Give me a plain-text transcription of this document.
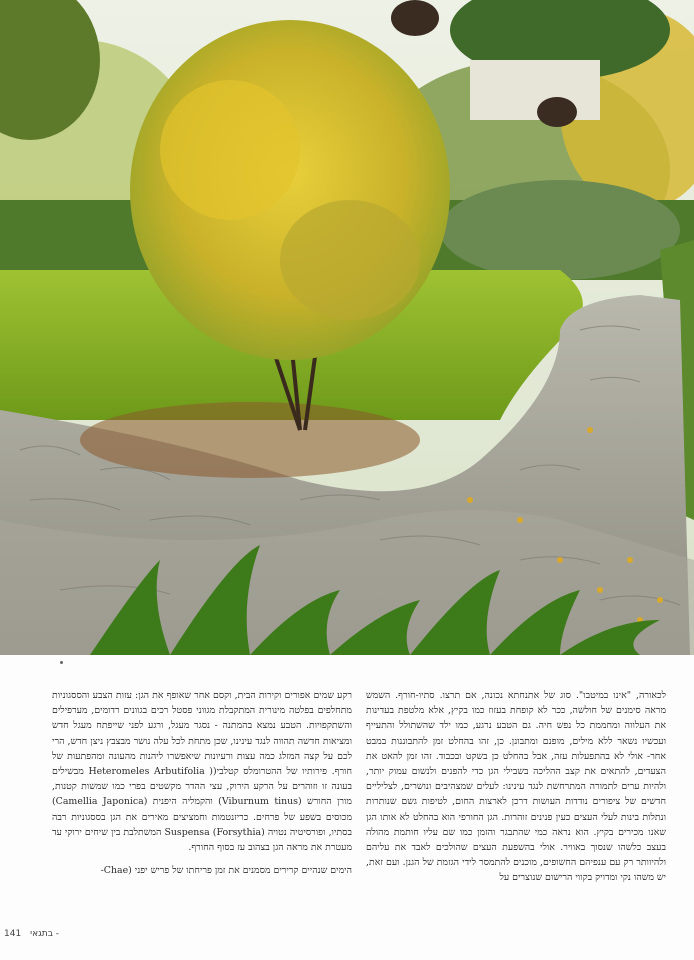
לכאורה, "אינו במיטבו". סוג של אתנחתא נכונה, אם תרצו. סתיו-חורף. השמש מראה סימנים של חולשה, ככר לא קופחת בעזוז כמו בקיץ, אלא מלטפת בעדינות את העלווה ומחממת כל נפש חיה. גם הטבע נרגע, כמו ילד שהשתולל והתעייף ועכשיו נשאר ללא מילים, מופנם ומתבונן. כן, זהו בהחלט זמן להתבוננות במבט אחר- אולי לא בהתפעלות עזה, אבל בהחלט כן בשקט ובכבוד. זהו זמן להאט את הצעדים, להתאים את קצב ההליכה בשבילי הגן כדי להפנים ולנשום עמוק יותר, ולהיות ערים לתמורה המתרחשת לנגד עינינו: לעלים שמצהיבים ונושרים, לצליליים חדשים של ציפורים נודדות העושות דרכן לארצות החום, לטיפות גשם שנותרות ונתלות בינות לעלי העצים כעין פנינים זוהרות. הגן החורפי הוא בהחלט לא אותו הגן שאנו מכירים בקיץ. הוא נראה כמי שהתבגר והזמן כמו שם עליו חותמת מהולה בעצב כלשהו שנסוך באוויר. אולי בהשפעת העצים שהולכים לאבד את עליהם ולהיוותר רק עם ענפיהם החשופים, מוכנים להתמסר לידי הגזמת של הגנן. ועם זאת, יש משהו נקי ומדויק בקווי הרישום שנוצרים על

רקע שמים אפורים וקירות הבית, וקסם אחר שאופף את הגן: עזות הצבע והססגוניות מתחלפים בפלטה מינורית המתקבלת מגווני פסטל רכים בגוונים רדומים, מערפילים והשתקפויות. הטבע נמצא בהמתנה - נסגר מעגל, ורגע לפני שייפתח מעגל חדש ומציאות חדשה תהווה לנגד עינינו, שכן מתחת לכל עלה נושר מבצבץ ניצן חדש, הרי לכם על קצה המזלג כמה עצות ורעיונות שיאפשרו ליהנות מהעונה ומהפתעות של חורף. פירותיו של ההטרומלס קטלבי(( Heteromeles Arbutifolia מבשילים בעונה זו וזוהרים על הרקע הירוק, עצי ההדר מקשטים בפרי כמו שמשות קטנות, מורן החורש (Viburnum tinus) והקמליה היפנית (Camellia Japonica) מכוסים בשפע של פרחים. כריזנטמות וחמציצים מאירים את הגן בססגוניות רבה בסתיו, ופורסיטיה נטויה (Forsythia) Suspensa המשתלבת בין שיחים ירוקי עד מעטרת את מראה הגן בצהוב עז בסוף החורף.

הימים שנהיים קרירים מסמנים את זמן פריחתו של פריש יפני (Chae-

141 בתגאי -
